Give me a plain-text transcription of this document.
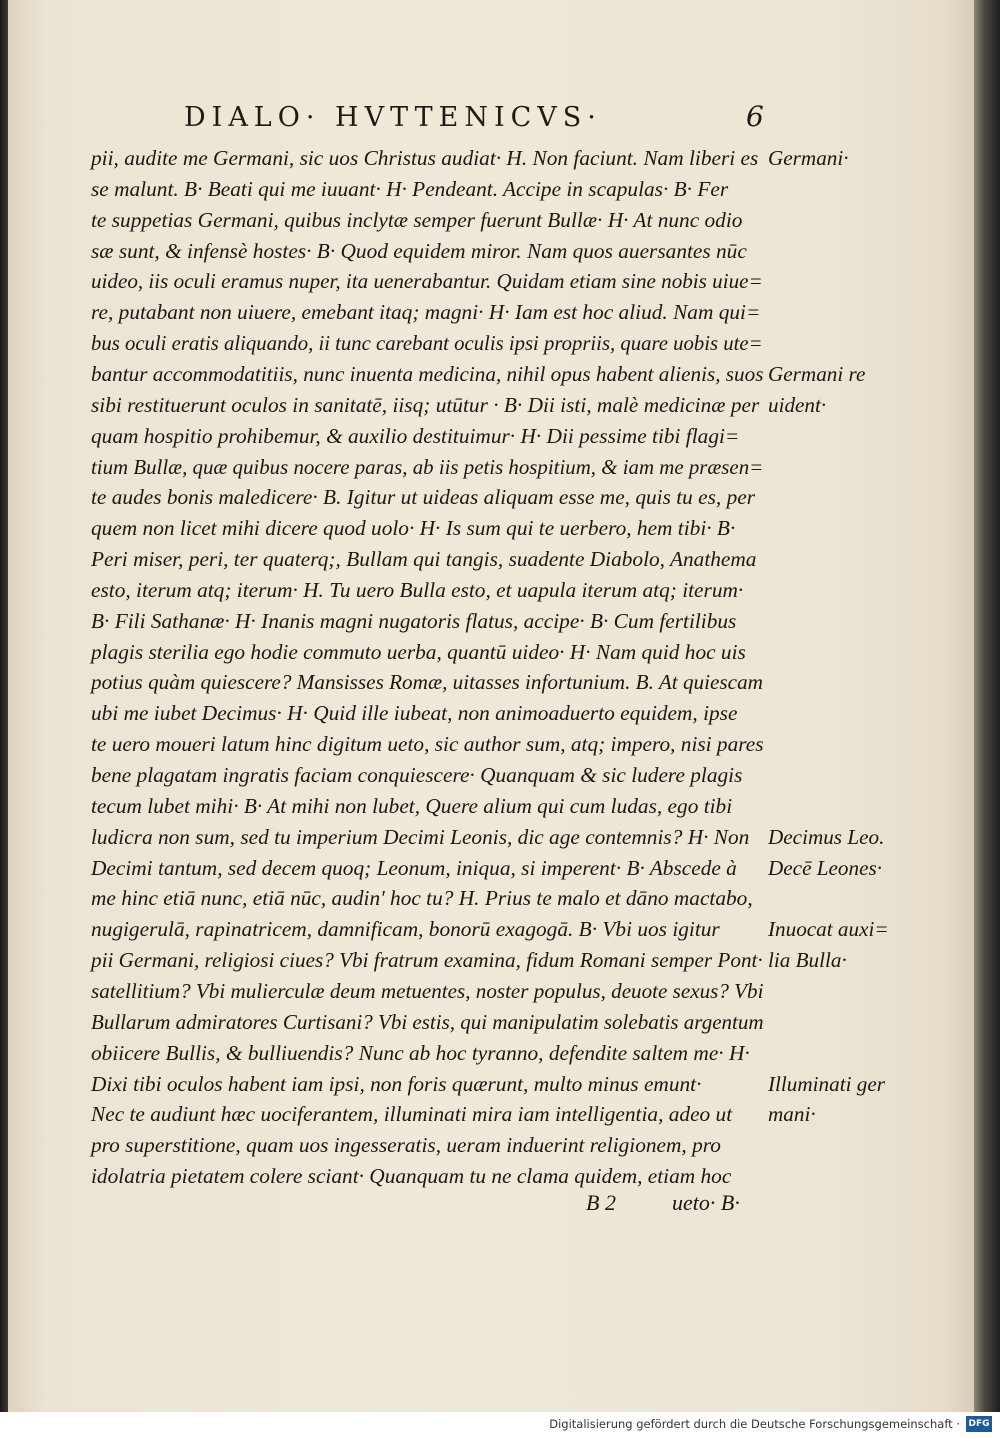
DIALO· HVTTENICVS·	6
pii, audite me Germani, sic uos Christus audiat· H. Non faciunt. Nam liberi es
se malunt. B· Beati qui me iuuant· H· Pendeant. Accipe in scapulas· B· Fer
te suppetias Germani, quibus inclytæ semper fuerunt Bullæ· H· At nunc odio
sæ sunt, & infensè hostes· B· Quod equidem miror. Nam quos auersantes nūc
uideo, iis oculi eramus nuper, ita uenerabantur. Quidam etiam sine nobis uiue=
re, putabant non uiuere, emebant itaq; magni· H· Iam est hoc aliud. Nam qui=
bus oculi eratis aliquando, ii tunc carebant oculis ipsi propriis, quare uobis ute=
bantur accommodatitiis, nunc inuenta medicina, nihil opus habent alienis, suos
sibi restituerunt oculos in sanitatē, iisq; utūtur · B· Dii isti, malè medicinæ per
quam hospitio prohibemur, & auxilio destituimur· H· Dii pessime tibi flagi=
tium Bullæ, quæ quibus nocere paras, ab iis petis hospitium, & iam me præsen=
te audes bonis maledicere· B. Igitur ut uideas aliquam esse me, quis tu es, per
quem non licet mihi dicere quod uolo· H· Is sum qui te uerbero, hem tibi· B·
Peri miser, peri, ter quaterq;, Bullam qui tangis, suadente Diabolo, Anathema
esto, iterum atq; iterum· H. Tu uero Bulla esto, et uapula iterum atq; iterum·
B· Fili Sathanæ· H· Inanis magni nugatoris flatus, accipe· B· Cum fertilibus
plagis sterilia ego hodie commuto uerba, quantū uideo· H· Nam quid hoc uis
potius quàm quiescere? Mansisses Romæ, uitasses infortunium. B. At quiescam
ubi me iubet Decimus· H· Quid ille iubeat, non animoaduerto equidem, ipse
te uero moueri latum hinc digitum ueto, sic author sum, atq; impero, nisi pares
bene plagatam ingratis faciam conquiescere· Quanquam & sic ludere plagis
tecum lubet mihi· B· At mihi non lubet, Quere alium qui cum ludas, ego tibi
ludicra non sum, sed tu imperium Decimi Leonis, dic age contemnis? H· Non
Decimi tantum, sed decem quoq; Leonum, iniqua, si imperent· B· Abscede à
me hinc etiā nunc, etiā nūc, audin' hoc tu? H. Prius te malo et dāno mactabo,
nugigerulā, rapinatricem, damnificam, bonorū exagogā. B· Vbi uos igitur
pii Germani, religiosi ciues? Vbi fratrum examina, fidum Romani semper Pont·
satellitium? Vbi mulierculæ deum metuentes, noster populus, deuote sexus? Vbi
Bullarum admiratores Curtisani? Vbi estis, qui manipulatim solebatis argentum
obiicere Bullis, & bulliuendis? Nunc ab hoc tyranno, defendite saltem me· H·
Dixi tibi oculos habent iam ipsi, non foris quærunt, multo minus emunt·
Nec te audiunt hæc uociferantem, illuminati mira iam intelligentia, adeo ut
pro superstitione, quam uos ingesseratis, ueram induerint religionem, pro
idolatria pietatem colere sciant· Quanquam tu ne clama quidem, etiam hoc
Germani·
Germani re
uident·
Decimus Leo.
Decē Leones·
Inuocat auxi=
lia Bulla·
Illuminati ger
mani·
B 2	ueto· B·
Digitalisierung gefördert durch die Deutsche Forschungsgemeinschaft · DFG
